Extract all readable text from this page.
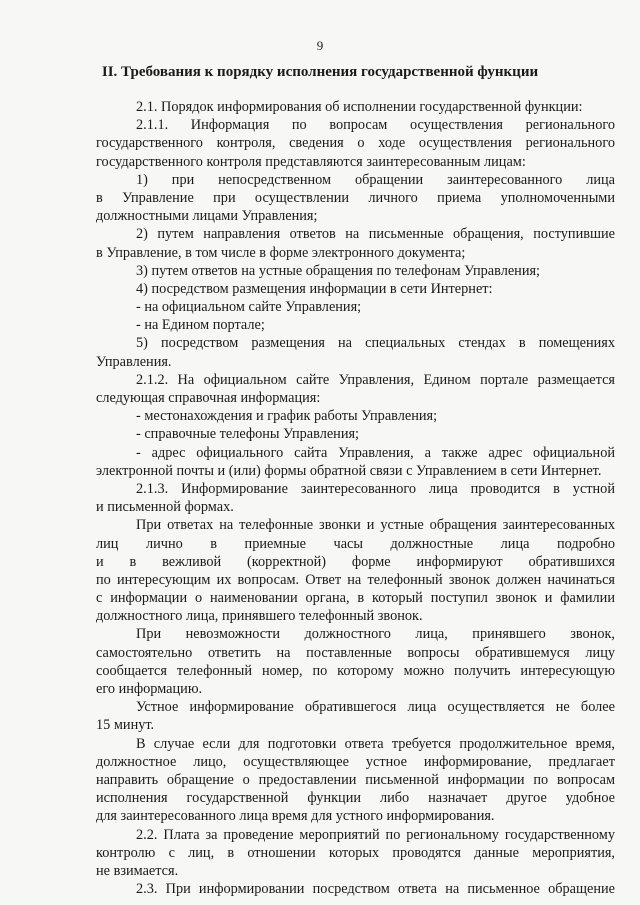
9
II. Требования к порядку исполнения государственной функции
2.1. Порядок информирования об исполнении государственной функции:
2.1.1. Информация по вопросам осуществления регионального
государственного контроля, сведения о ходе осуществления регионального
государственного контроля представляются заинтересованным лицам:
1) при непосредственном обращении заинтересованного лица
в Управление при осуществлении личного приема уполномоченными
должностными лицами Управления;
2) путем направления ответов на письменные обращения, поступившие
в Управление, в том числе в форме электронного документа;
3) путем ответов на устные обращения по телефонам Управления;
4) посредством размещения информации в сети Интернет:
- на официальном сайте Управления;
- на Едином портале;
5) посредством размещения на специальных стендах в помещениях
Управления.
2.1.2. На официальном сайте Управления, Едином портале размещается
следующая справочная информация:
- местонахождения и график работы Управления;
- справочные телефоны Управления;
- адрес официального сайта Управления, а также адрес официальной
электронной почты и (или) формы обратной связи с Управлением в сети Интернет.
2.1.3. Информирование заинтересованного лица проводится в устной
и письменной формах.
При ответах на телефонные звонки и устные обращения заинтересованных
лиц лично в приемные часы должностные лица подробно
и в вежливой (корректной) форме информируют обратившихся
по интересующим их вопросам. Ответ на телефонный звонок должен начинаться
с информации о наименовании органа, в который поступил звонок и фамилии
должностного лица, принявшего телефонный звонок.
При невозможности должностного лица, принявшего звонок,
самостоятельно ответить на поставленные вопросы обратившемуся лицу
сообщается телефонный номер, по которому можно получить интересующую
его информацию.
Устное информирование обратившегося лица осуществляется не более
15 минут.
В случае если для подготовки ответа требуется продолжительное время,
должностное лицо, осуществляющее устное информирование, предлагает
направить обращение о предоставлении письменной информации по вопросам
исполнения государственной функции либо назначает другое удобное
для заинтересованного лица время для устного информирования.
2.2. Плата за проведение мероприятий по региональному государственному
контролю с лиц, в отношении которых проводятся данные мероприятия,
не взимается.
2.3. При информировании посредством ответа на письменное обращение
